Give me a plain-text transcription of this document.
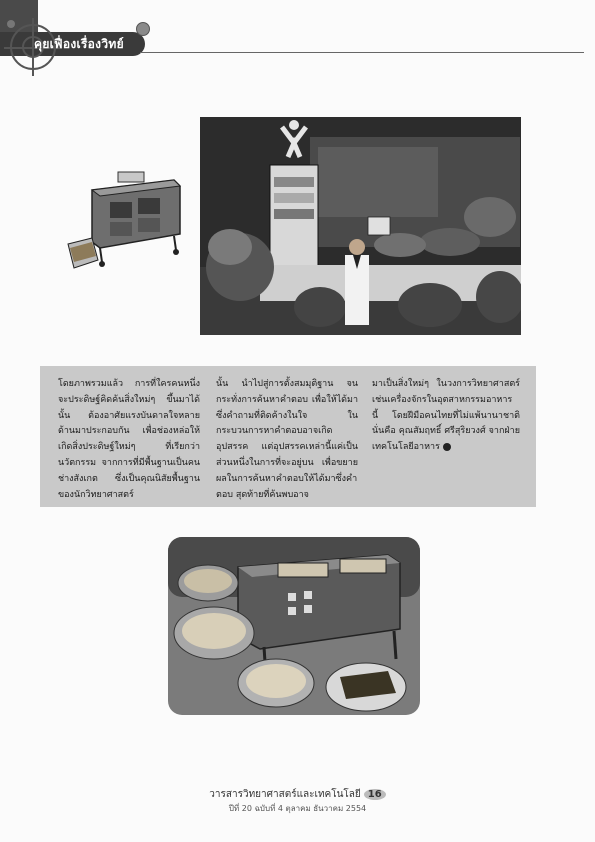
คุยเฟื่องเรื่องวิทย์
โดยภาพรวมแล้ว การที่ใครคนหนึ่งจะประดิษฐ์คิดค้นสิ่งใหม่ๆ ขึ้นมาได้นั้น ต้องอาศัยแรงบันดาลใจหลายด้านมาประกอบกัน เพื่อช่องหล่อให้เกิดสิ่งประดิษฐ์ใหม่ๆ ที่เรียกว่า นวัตกรรม จากการที่มีพื้นฐานเป็นคนช่างสังเกต ซึ่งเป็นคุณนิสัยพื้นฐานของนักวิทยาศาสตร์
นั้น นำไปสู่การตั้งสมมุติฐาน จนกระทั่งการค้นหาคำตอบ เพื่อให้ได้มาซึ่งคำถามที่ติดค้างในใจ ในกระบวนการหาคำตอบอาจเกิดอุปสรรค แต่อุปสรรคเหล่านี้แค่เป็นส่วนหนึ่งในการที่จะอยู่บน เพื่อขยายผลในการค้นหาคำตอบให้ได้มาซึ่งคำตอบ สุดท้ายที่ค้นพบอาจ
มาเป็นสิ่งใหม่ๆ ในวงการวิทยาศาสตร์ เช่นเครื่องจักรในอุตสาหกรรมอาหาร นี้ โดยฝีมือคนไทยที่ไม่แพ้นานาชาติ นั่นคือ คุณสัมฤทธิ์ ศรีสุริยวงศ์ จากฝ่ายเทคโนโลยีอาหาร
วารสารวิทยาศาสตร์และเทคโนโลยี 16
ปีที่ 20 ฉบับที่ 4 ตุลาคม ธันวาคม 2554
